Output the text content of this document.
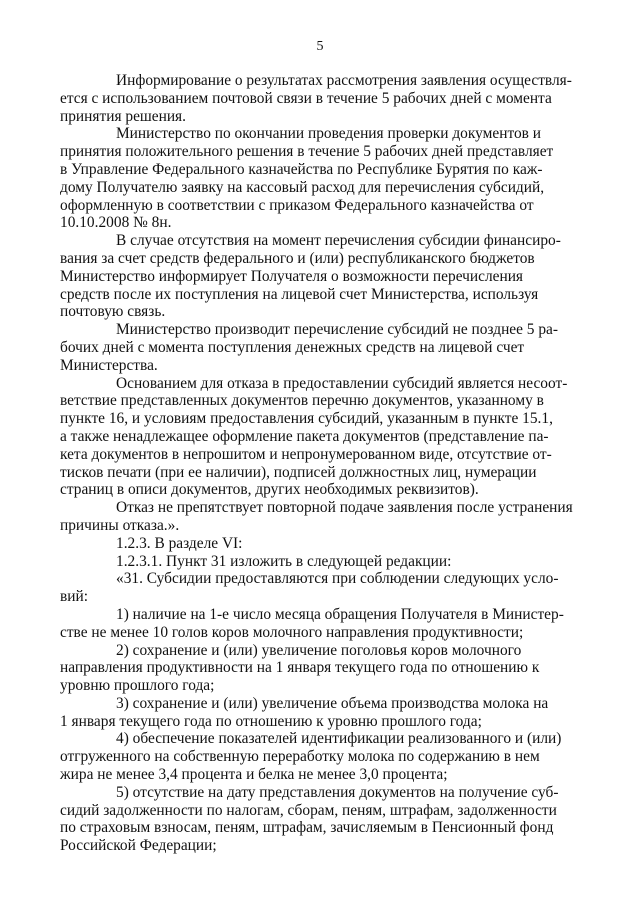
5

Информирование о результатах рассмотрения заявления осуществля-
ется с использованием почтовой связи в течение 5 рабочих дней с момента
принятия решения.

Министерство по окончании проведения проверки документов и
принятия положительного решения в течение 5 рабочих дней представляет
в Управление Федерального казначейства по Республике Бурятия по каж-
дому Получателю заявку на кассовый расход для перечисления субсидий,
оформленную в соответствии с приказом Федерального казначейства от
10.10.2008 № 8н.

В случае отсутствия на момент перечисления субсидии финансиро-
вания за счет средств федерального и (или) республиканского бюджетов
Министерство информирует Получателя о возможности перечисления
средств после их поступления на лицевой счет Министерства, используя
почтовую связь.

Министерство производит перечисление субсидий не позднее 5 ра-
бочих дней с момента поступления денежных средств на лицевой счет
Министерства.

Основанием для отказа в предоставлении субсидий является несоот-
ветствие представленных документов перечню документов, указанному в
пункте 16, и условиям предоставления субсидий, указанным в пункте 15.1,
а также ненадлежащее оформление пакета документов (представление па-
кета документов в непрошитом и непронумерованном виде, отсутствие от-
тисков печати (при ее наличии), подписей должностных лиц, нумерации
страниц в описи документов, других необходимых реквизитов).

Отказ не препятствует повторной подаче заявления после устранения
причины отказа.».

1.2.3. В разделе VI:

1.2.3.1. Пункт 31 изложить в следующей редакции:

«31. Субсидии предоставляются при соблюдении следующих усло-
вий:

1) наличие на 1-е число месяца обращения Получателя в Министер-
стве не менее 10 голов коров молочного направления продуктивности;

2) сохранение и (или) увеличение поголовья коров молочного
направления продуктивности на 1 января текущего года по отношению к
уровню прошлого года;

3) сохранение и (или) увеличение объема производства молока на
1 января текущего года по отношению к уровню прошлого года;

4) обеспечение показателей идентификации реализованного и (или)
отгруженного на собственную переработку молока по содержанию в нем
жира не менее 3,4 процента и белка не менее 3,0 процента;

5) отсутствие на дату представления документов на получение суб-
сидий задолженности по налогам, сборам, пеням, штрафам, задолженности
по страховым взносам, пеням, штрафам, зачисляемым в Пенсионный фонд
Российской Федерации;
